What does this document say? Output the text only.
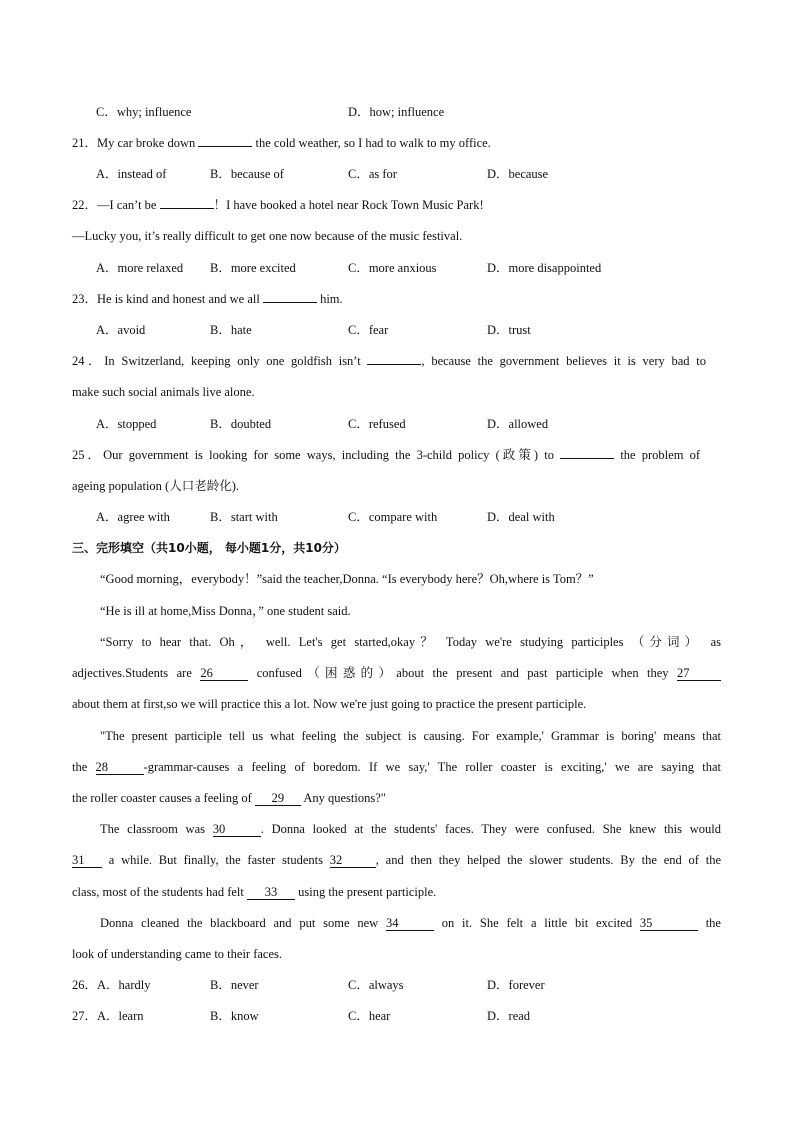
C．why; influence	D．how; influence
21．My car broke down	the cold weather, so I had to walk to my office.
A．instead of	B．because of	C．as for	D．because
22．—I can’t be	！I have booked a hotel near Rock Town Music Park!
—Lucky you, it’s really difficult to get one now because of the music festival.
A．more relaxed B．more excited	C．more anxious	D．more disappointed
23．He is kind and honest and we all	him.
A．avoid	B．hate	C．fear	D．trust
24．In Switzerland, keeping only one goldfish isn’t	, because the government believes it is very bad to
make such social animals live alone.
A．stopped	B．doubted	C．refused	D．allowed
25．Our government is looking for some ways, including the 3-child policy (政策) to	the problem of
ageing population (人口老龄化).
A．agree with	B．start with	C．compare with	D．deal with
三、完形填空（共10小题， 每小题1分，共10分）
“Good morning，everybody！”said the teacher,Donna. “Is everybody here？Oh,where is Tom？”
“He is ill at home,Miss Donna，” one student said.
“Sorry to hear that. Oh， well. Let's get started,okay？ Today we're studying participles （分词） as
adjectives.Students are 26	confused（困惑的）about the present and past participle when they 27
about them at first,so we will practice this a lot. Now we're just going to practice the present participle.
"The present participle tell us what feeling the subject is causing. For example,' Grammar is boring' means that
the 28	-grammar-causes a feeling of boredom. If we say,' The roller coaster is exciting,' we are saying that
the roller coaster causes a feeling of 29 Any questions?"
The classroom was 30	. Donna looked at the students' faces. They were confused. She knew this would
31 a while. But finally, the faster students 32	, and then they helped the slower students. By the end of the
class, most of the students had felt 33 using the present participle.
Donna cleaned the blackboard and put some new 34	on it. She felt a little bit excited 35	the
look of understanding came to their faces.
26．A．hardly	B．never	C．always	D．forever
27．A．learn	B．know	C．hear	D．read
